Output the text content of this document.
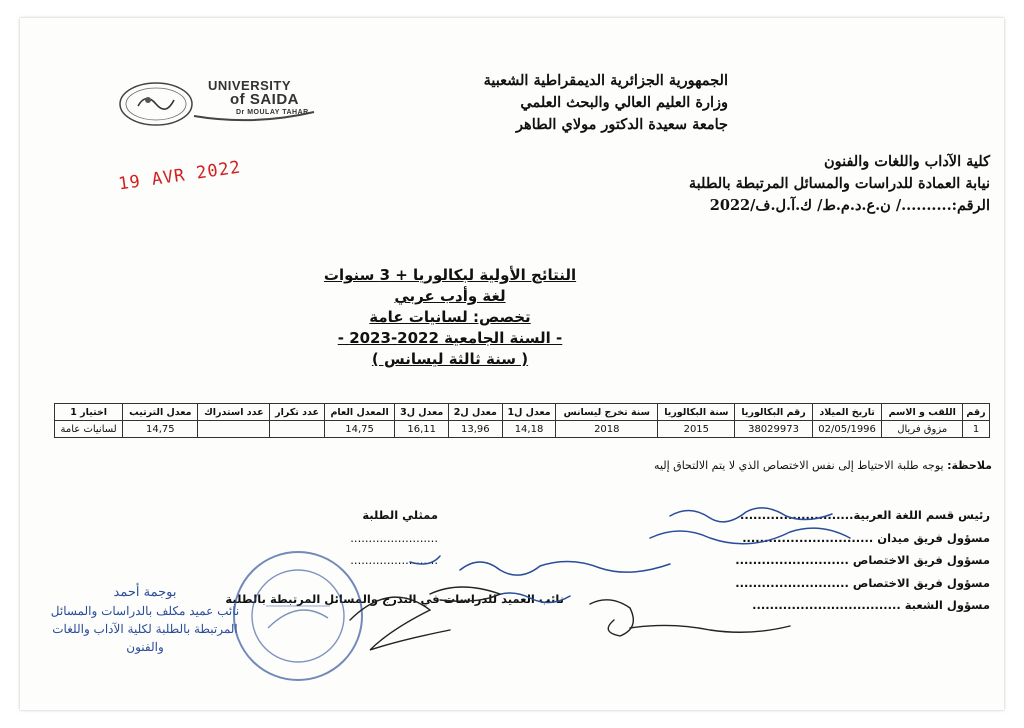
UNIVERSITY
of SAIDA
Dr MOULAY TAHAR
الجمهورية الجزائرية الديمقراطية الشعبية
وزارة العليم العالي والبحث العلمي
جامعة سعيدة الدكتور مولاي الطاهر
19 AVR 2022	كلية الآداب واللغات والفنون
نيابة العمادة للدراسات والمسائل المرتبطة بالطلبة
الرقم:........../ ن.ع.د.م.ط/ ك.آ.ل.ف/2022
النتائج الأولية لبكالوريا + 3 سنوات
لغة وأدب عربي
تخصص: لسانيات عامة
- السنة الجامعية 2022-2023 -
( سنة ثالثة ليسانس )
رقم	اللقب و الاسم	تاريخ الميلاد	رقم البكالوريا	سنة البكالوريا	سنة تخرج ليسانس	معدل ل1	معدل ل2	معدل ل3	المعدل العام	عدد تكرار	عدد استدراك	معدل الترتيب	اختيار 1
1	مزوق فريال	02/05/1996	38029973	2015	2018	14,18	13,96	16,11	14,75			14,75	لسانيات عامة
ملاحظة: يوجه طلبة الاحتياط إلى نفس الاختصاص الذي لا يتم الالتحاق إليه
رئيس قسم اللغة العربية..........................
مسؤول فريق ميدان ..............................
مسؤول فريق الاختصاص ..........................
مسؤول فريق الاختصاص ..........................
مسؤول الشعبة ..................................
ممثلي الطلبة
........................
........................
نائب العميد للدراسات في التدرج والمسائل المرتبطة بالطلبة
بوجمة أحمد
نائب عميد مكلف بالدراسات والمسائل
المرتبطة بالطلبة لكلية الآداب واللغات
والفنون
